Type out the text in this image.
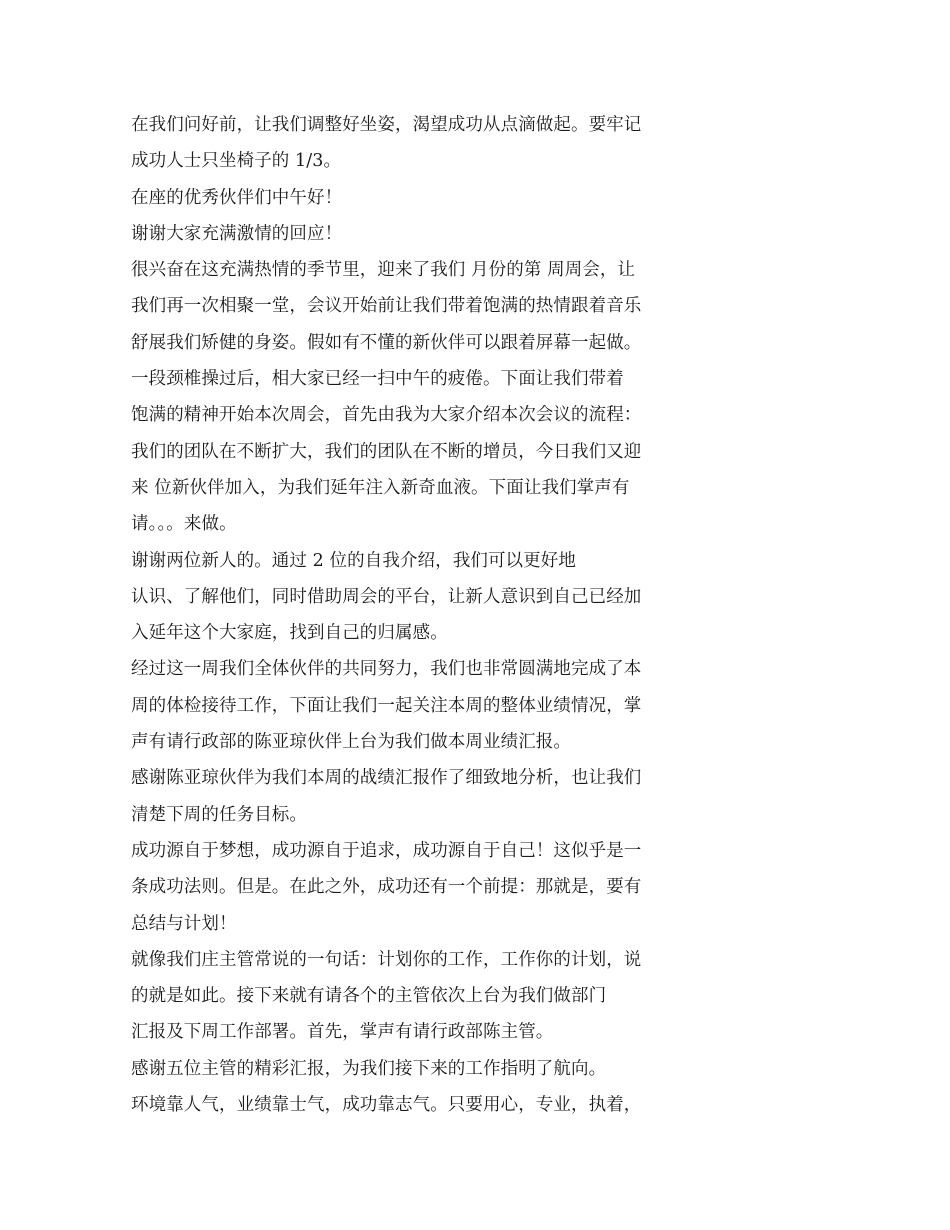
在我们问好前，让我们调整好坐姿，渴望成功从点滴做起。要牢记
成功人士只坐椅子的 1/3。
在座的优秀伙伴们中午好！
谢谢大家充满激情的回应！
很兴奋在这充满热情的季节里，迎来了我们 月份的第 周周会，让
我们再一次相聚一堂，会议开始前让我们带着饱满的热情跟着音乐
舒展我们矫健的身姿。假如有不懂的新伙伴可以跟着屏幕一起做。
一段颈椎操过后，相大家已经一扫中午的疲倦。下面让我们带着
饱满的精神开始本次周会，首先由我为大家介绍本次会议的流程：
我们的团队在不断扩大，我们的团队在不断的增员，今日我们又迎
来 位新伙伴加入，为我们延年注入新奇血液。下面让我们掌声有
请。。。来做。
谢谢两位新人的。通过 2 位的自我介绍，我们可以更好地
认识、了解他们，同时借助周会的平台，让新人意识到自己已经加
入延年这个大家庭，找到自己的归属感。
经过这一周我们全体伙伴的共同努力，我们也非常圆满地完成了本
周的体检接待工作，下面让我们一起关注本周的整体业绩情况，掌
声有请行政部的陈亚琼伙伴上台为我们做本周业绩汇报。
感谢陈亚琼伙伴为我们本周的战绩汇报作了细致地分析，也让我们
清楚下周的任务目标。
成功源自于梦想，成功源自于追求，成功源自于自己！这似乎是一
条成功法则。但是。在此之外，成功还有一个前提：那就是，要有
总结与计划！
就像我们庄主管常说的一句话：计划你的工作，工作你的计划，说
的就是如此。接下来就有请各个的主管依次上台为我们做部门
汇报及下周工作部署。首先，掌声有请行政部陈主管。
感谢五位主管的精彩汇报，为我们接下来的工作指明了航向。
环境靠人气，业绩靠士气，成功靠志气。只要用心，专业，执着，
